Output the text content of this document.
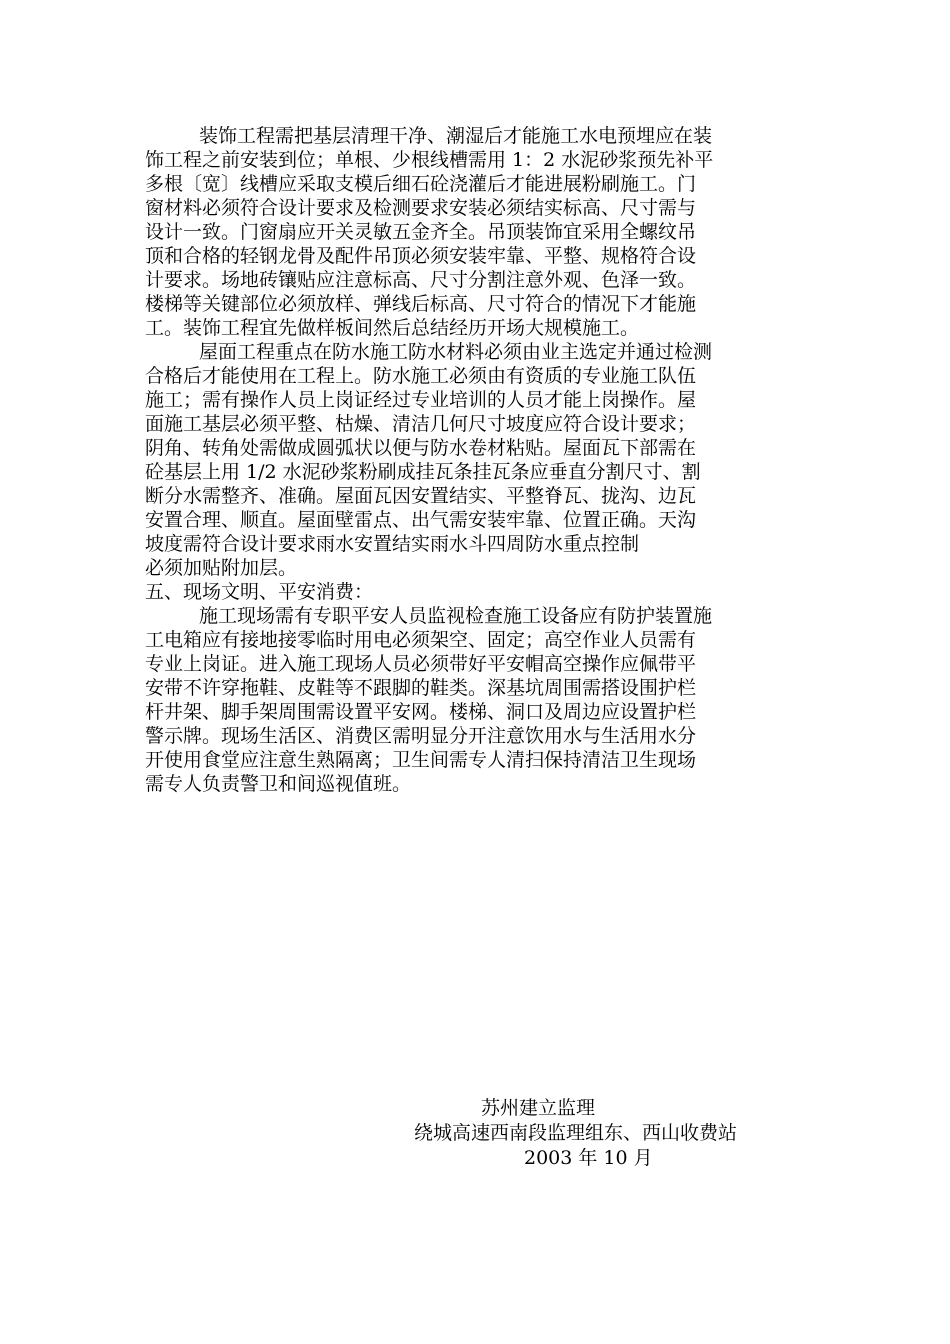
装饰工程需把基层清理干净、潮湿后才能施工水电预埋应在装
饰工程之前安装到位；单根、少根线槽需用 1：2 水泥砂浆预先补平
多根〔宽〕线槽应采取支模后细石砼浇灌后才能进展粉刷施工。门
窗材料必须符合设计要求及检测要求安装必须结实标高、尺寸需与
设计一致。门窗扇应开关灵敏五金齐全。吊顶装饰宜采用全螺纹吊
顶和合格的轻钢龙骨及配件吊顶必须安装牢靠、平整、规格符合设
计要求。场地砖镶贴应注意标高、尺寸分割注意外观、色泽一致。
楼梯等关键部位必须放样、弹线后标高、尺寸符合的情况下才能施
工。装饰工程宜先做样板间然后总结经历开场大规模施工。
屋面工程重点在防水施工防水材料必须由业主选定并通过检测
合格后才能使用在工程上。防水施工必须由有资质的专业施工队伍
施工；需有操作人员上岗证经过专业培训的人员才能上岗操作。屋
面施工基层必须平整、枯燥、清洁几何尺寸坡度应符合设计要求；
阴角、转角处需做成圆弧状以便与防水卷材粘贴。屋面瓦下部需在
砼基层上用 1/2 水泥砂浆粉刷成挂瓦条挂瓦条应垂直分割尺寸、割
断分水需整齐、准确。屋面瓦因安置结实、平整脊瓦、拢沟、边瓦
安置合理、顺直。屋面壁雷点、出气需安装牢靠、位置正确。天沟
坡度需符合设计要求雨水安置结实雨水斗四周防水重点控制
必须加贴附加层。
五、现场文明、平安消费：
施工现场需有专职平安人员监视检查施工设备应有防护装置施
工电箱应有接地接零临时用电必须架空、固定；高空作业人员需有
专业上岗证。进入施工现场人员必须带好平安帽高空操作应佩带平
安带不许穿拖鞋、皮鞋等不跟脚的鞋类。深基坑周围需搭设围护栏
杆井架、脚手架周围需设置平安网。楼梯、洞口及周边应设置护栏
警示牌。现场生活区、消费区需明显分开注意饮用水与生活用水分
开使用食堂应注意生熟隔离；卫生间需专人清扫保持清洁卫生现场
需专人负责警卫和间巡视值班。
苏州建立监理
绕城高速西南段监理组东、西山收费站
2003 年 10 月
